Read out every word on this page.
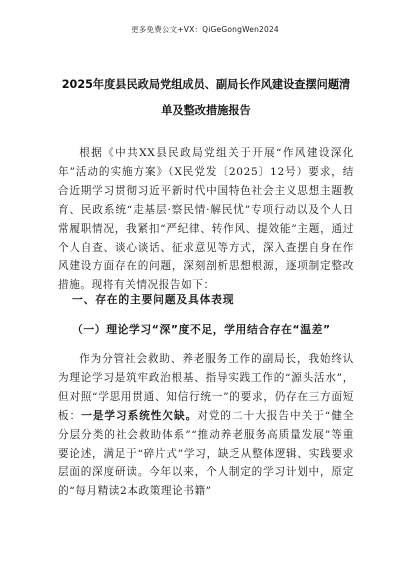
更多免费公文+VX：QiGeGongWen2024
2025年度县民政局党组成员、副局长作风建设查摆问题清
单及整改措施报告

根据《中共XX县民政局党组关于开展“作风建设深化年”活动的实施方案》（X民党发〔2025〕12号）要求，结合近期学习贯彻习近平新时代中国特色社会主义思想主题教育、民政系统“走基层·察民情·解民忧”专项行动以及个人日常履职情况，我紧扣“严纪律、转作风、提效能”主题，通过个人自查、谈心谈话、征求意见等方式，深入查摆自身在作风建设方面存在的问题，深刻剖析思想根源，逐项制定整改措施。现将有关情况报告如下：

一、存在的主要问题及具体表现
（一）理论学习“深”度不足，学用结合存在“温差”

作为分管社会救助、养老服务工作的副局长，我始终认为理论学习是筑牢政治根基、指导实践工作的“源头活水”，但对照“学思用贯通、知信行统一”的要求，仍存在三方面短板：一是学习系统性欠缺。对党的二十大报告中关于“健全分层分类的社会救助体系”“推动养老服务高质量发展”等重要论述，满足于“碎片式”学习，缺乏从整体逻辑、实践要求层面的深度研读。今年以来，个人制定的学习计划中，原定的“每月精读2本政策理论书籍”
